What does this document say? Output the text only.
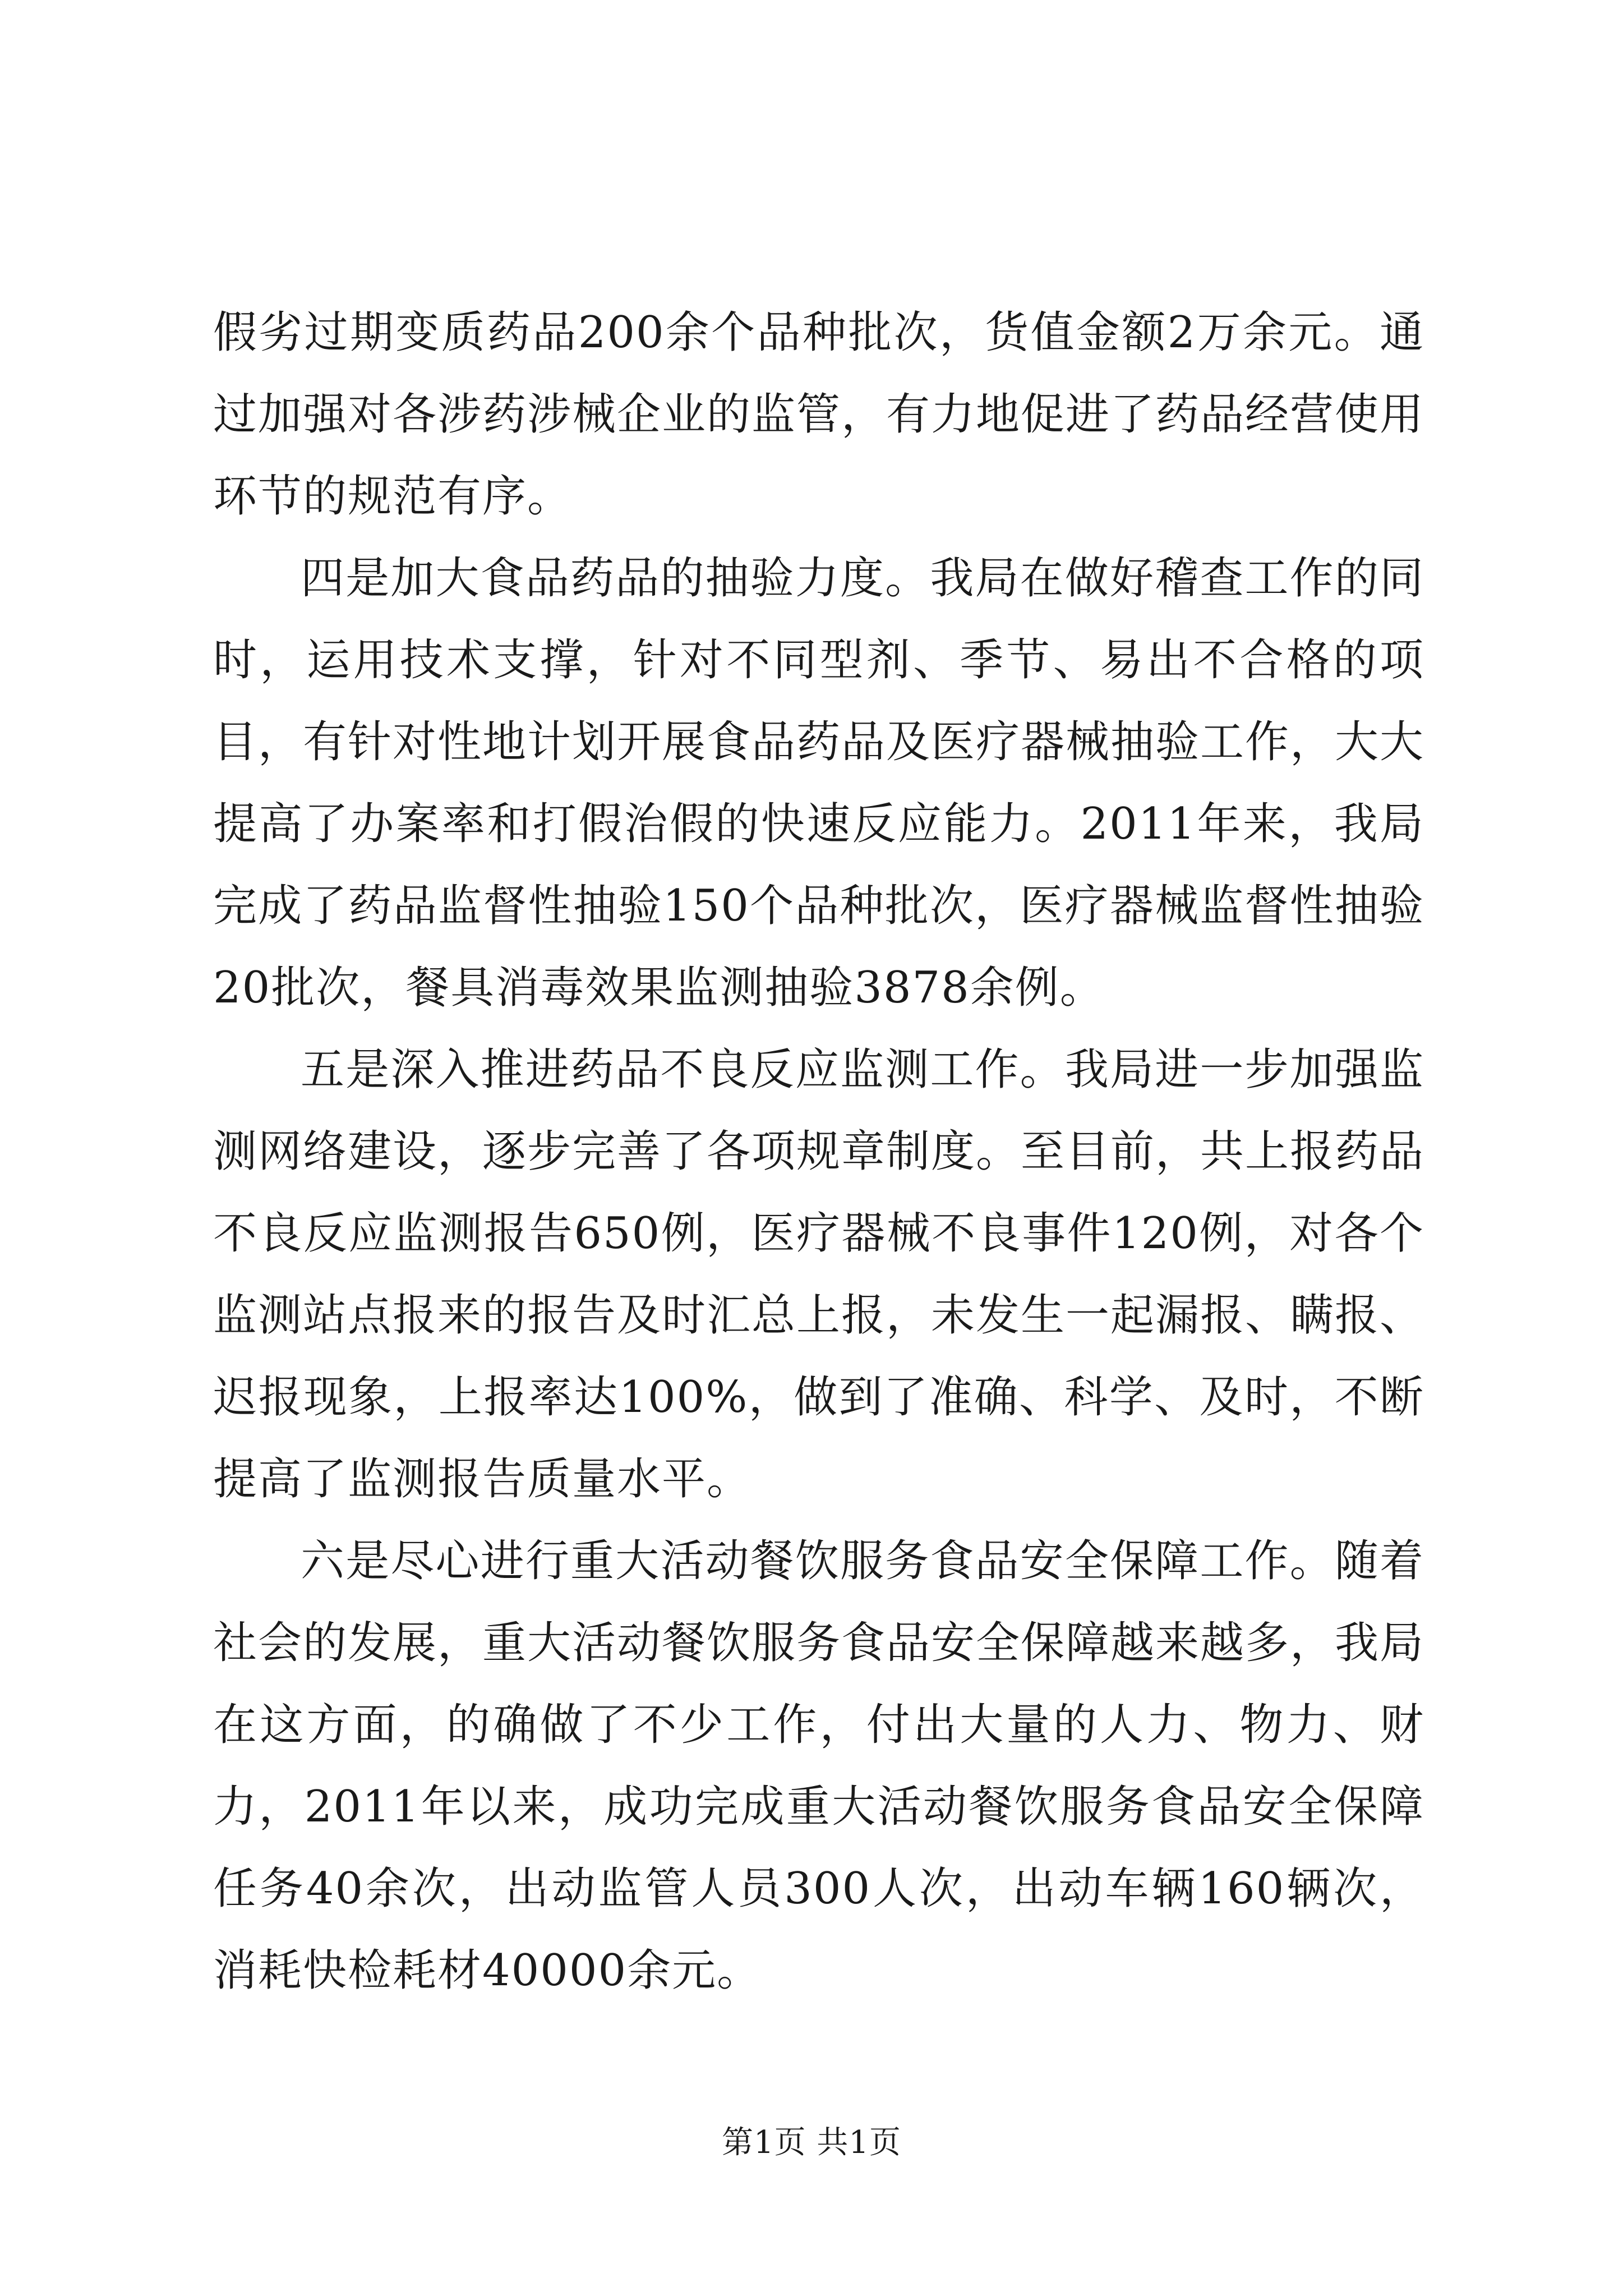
假劣过期变质药品200余个品种批次，货值金额2万余元。通过加强对各涉药涉械企业的监管，有力地促进了药品经营使用环节的规范有序。

四是加大食品药品的抽验力度。我局在做好稽查工作的同时，运用技术支撑，针对不同型剂、季节、易出不合格的项目，有针对性地计划开展食品药品及医疗器械抽验工作，大大提高了办案率和打假治假的快速反应能力。2011年来，我局完成了药品监督性抽验150个品种批次，医疗器械监督性抽验20批次，餐具消毒效果监测抽验3878余例。

五是深入推进药品不良反应监测工作。我局进一步加强监测网络建设，逐步完善了各项规章制度。至目前，共上报药品不良反应监测报告650例，医疗器械不良事件120例，对各个监测站点报来的报告及时汇总上报，未发生一起漏报、瞒报、迟报现象，上报率达100%，做到了准确、科学、及时，不断提高了监测报告质量水平。

六是尽心进行重大活动餐饮服务食品安全保障工作。随着社会的发展，重大活动餐饮服务食品安全保障越来越多，我局在这方面，的确做了不少工作，付出大量的人力、物力、财力，2011年以来，成功完成重大活动餐饮服务食品安全保障任务40余次，出动监管人员300人次，出动车辆160辆次，消耗快检耗材40000余元。

第1页 共1页
